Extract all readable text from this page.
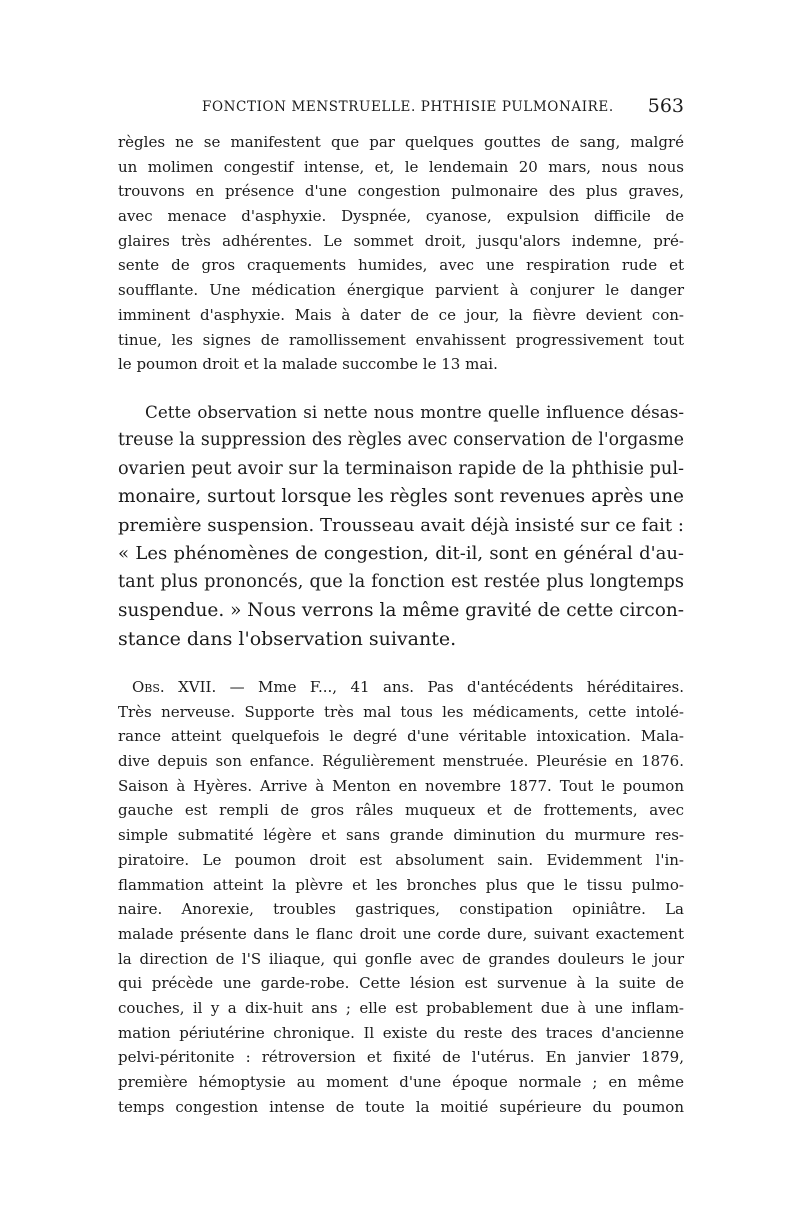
FONCTION MENSTRUELLE. PHTHISIE PULMONAIRE. 563
règles ne se manifestent que par quelques gouttes de sang, malgré
un molimen congestif intense, et, le lendemain 20 mars, nous nous
trouvons en présence d'une congestion pulmonaire des plus graves,
avec menace d'asphyxie. Dyspnée, cyanose, expulsion difficile de
glaires très adhérentes. Le sommet droit, jusqu'alors indemne, pré-
sente de gros craquements humides, avec une respiration rude et
soufflante. Une médication énergique parvient à conjurer le danger
imminent d'asphyxie. Mais à dater de ce jour, la fièvre devient con-
tinue, les signes de ramollissement envahissent progressivement tout
le poumon droit et la malade succombe le 13 mai.
Cette observation si nette nous montre quelle influence désas-
treuse la suppression des règles avec conservation de l'orgasme
ovarien peut avoir sur la terminaison rapide de la phthisie pul-
monaire, surtout lorsque les règles sont revenues après une
première suspension. Trousseau avait déjà insisté sur ce fait :
« Les phénomènes de congestion, dit-il, sont en général d'au-
tant plus prononcés, que la fonction est restée plus longtemps
suspendue. » Nous verrons la même gravité de cette circon-
stance dans l'observation suivante.
Obs. XVII. — Mme F..., 41 ans. Pas d'antécédents héréditaires.
Très nerveuse. Supporte très mal tous les médicaments, cette intolé-
rance atteint quelquefois le degré d'une véritable intoxication. Mala-
dive depuis son enfance. Régulièrement menstruée. Pleurésie en 1876.
Saison à Hyères. Arrive à Menton en novembre 1877. Tout le poumon
gauche est rempli de gros râles muqueux et de frottements, avec
simple submatité légère et sans grande diminution du murmure res-
piratoire. Le poumon droit est absolument sain. Evidemment l'in-
flammation atteint la plèvre et les bronches plus que le tissu pulmo-
naire. Anorexie, troubles gastriques, constipation opiniâtre. La
malade présente dans le flanc droit une corde dure, suivant exactement
la direction de l'S iliaque, qui gonfle avec de grandes douleurs le jour
qui précède une garde-robe. Cette lésion est survenue à la suite de
couches, il y a dix-huit ans ; elle est probablement due à une inflam-
mation périutérine chronique. Il existe du reste des traces d'ancienne
pelvi-péritonite : rétroversion et fixité de l'utérus. En janvier 1879,
première hémoptysie au moment d'une époque normale ; en même
temps congestion intense de toute la moitié supérieure du poumon
